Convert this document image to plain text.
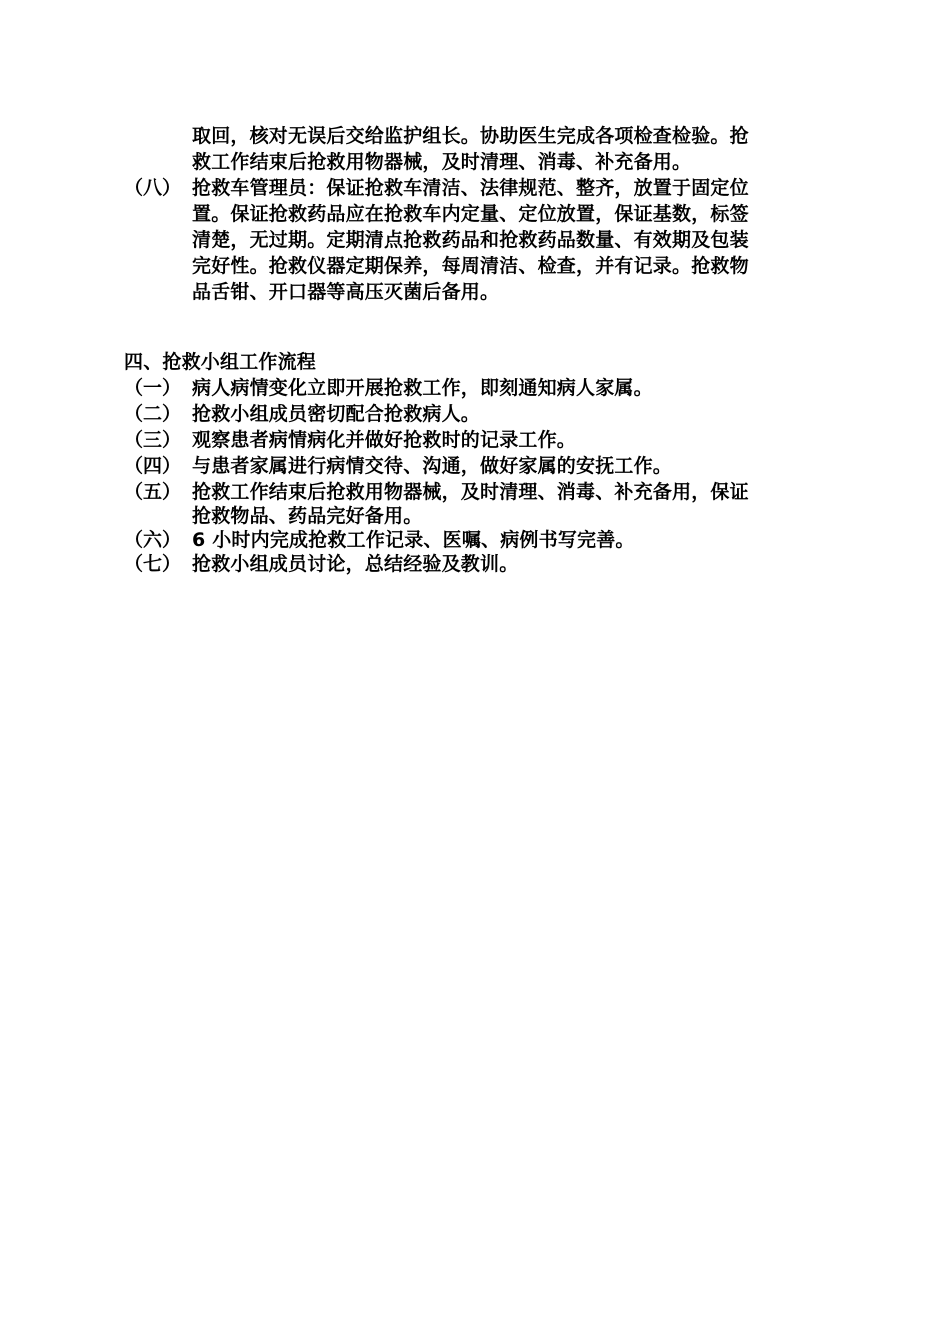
取回，核对无误后交给监护组长。协助医生完成各项检查检验。抢
救工作结束后抢救用物器械，及时清理、消毒、补充备用。
（八） 抢救车管理员：保证抢救车清洁、法律规范、整齐，放置于固定位
置。保证抢救药品应在抢救车内定量、定位放置，保证基数，标签
清楚，无过期。定期清点抢救药品和抢救药品数量、有效期及包装
完好性。抢救仪器定期保养，每周清洁、检查，并有记录。抢救物
品舌钳、开口器等高压灭菌后备用。
四、抢救小组工作流程
（一） 病人病情变化立即开展抢救工作，即刻通知病人家属。
（二） 抢救小组成员密切配合抢救病人。
（三） 观察患者病情病化并做好抢救时的记录工作。
（四） 与患者家属进行病情交待、沟通，做好家属的安抚工作。
（五） 抢救工作结束后抢救用物器械，及时清理、消毒、补充备用，保证
抢救物品、药品完好备用。
（六） 6 小时内完成抢救工作记录、医嘱、病例书写完善。
（七） 抢救小组成员讨论，总结经验及教训。
